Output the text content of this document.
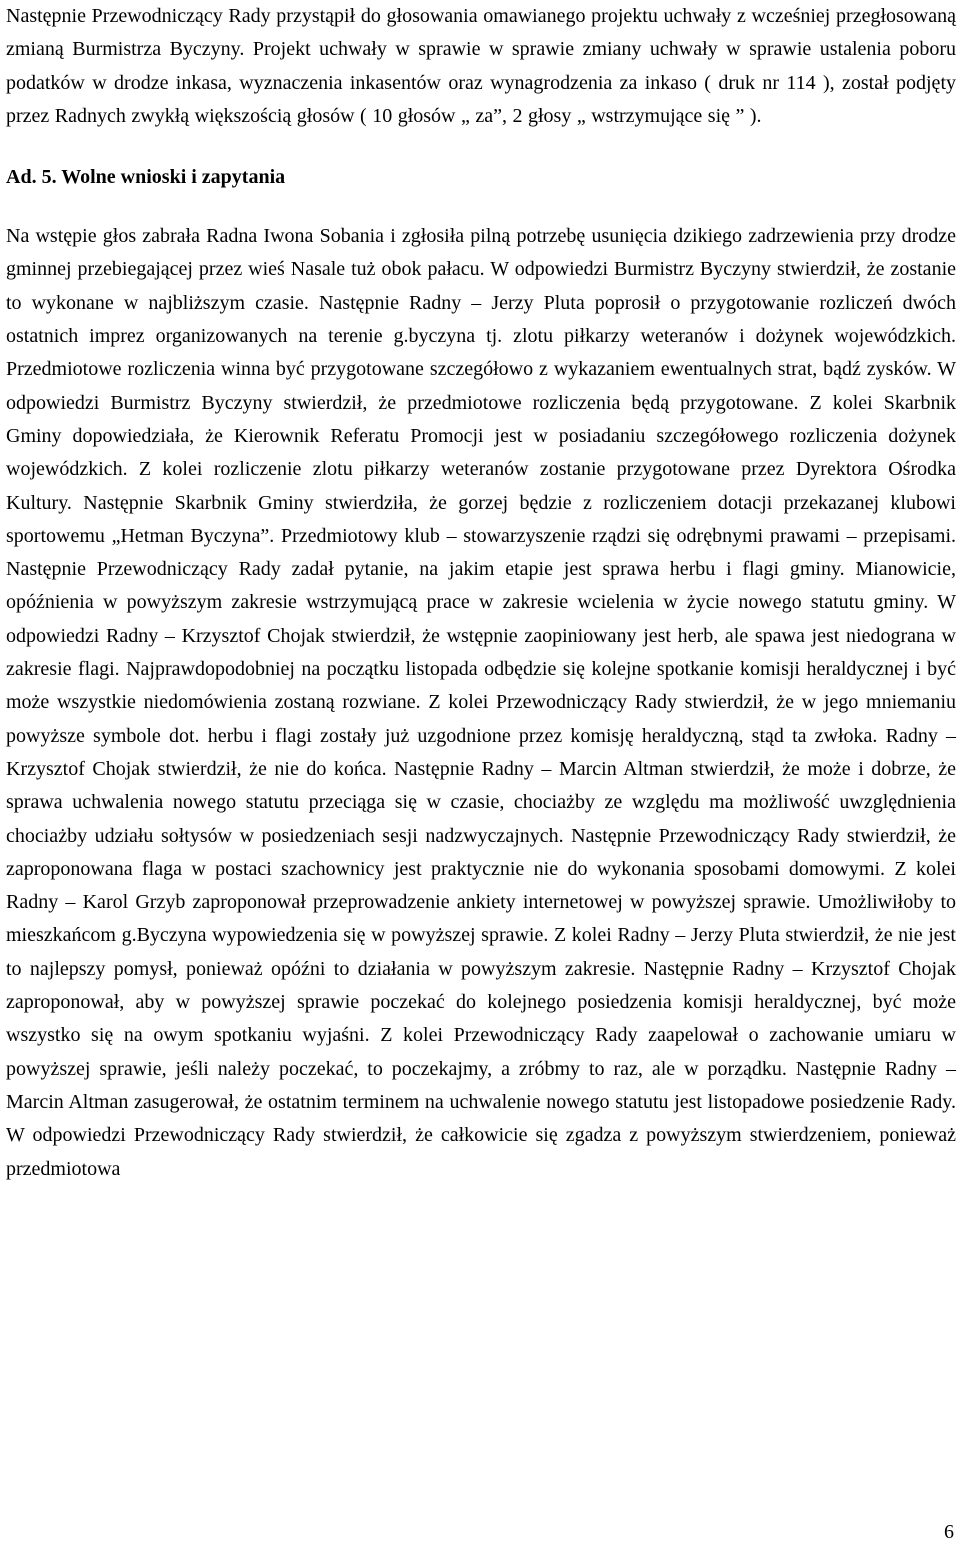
Następnie Przewodniczący Rady przystąpił do głosowania omawianego projektu uchwały z wcześniej przegłosowaną zmianą Burmistrza Byczyny. Projekt uchwały w sprawie w sprawie zmiany uchwały w sprawie ustalenia poboru podatków w drodze inkasa, wyznaczenia inkasentów oraz wynagrodzenia za inkaso ( druk nr 114 ), został podjęty przez Radnych zwykłą większością głosów ( 10 głosów „ za”, 2 głosy „ wstrzymujące się ” ).

Ad. 5. Wolne wnioski i zapytania

Na wstępie głos zabrała Radna Iwona Sobania i zgłosiła pilną potrzebę usunięcia dzikiego zadrzewienia przy drodze gminnej przebiegającej przez wieś Nasale tuż obok pałacu. W odpowiedzi Burmistrz Byczyny stwierdził, że zostanie to wykonane w najbliższym czasie. Następnie Radny – Jerzy Pluta poprosił o przygotowanie rozliczeń dwóch ostatnich imprez organizowanych na terenie g.byczyna tj. zlotu piłkarzy weteranów i dożynek wojewódzkich. Przedmiotowe rozliczenia winna być przygotowane szczegółowo z wykazaniem ewentualnych strat, bądź zysków. W odpowiedzi Burmistrz Byczyny stwierdził, że przedmiotowe rozliczenia będą przygotowane. Z kolei Skarbnik Gminy dopowiedziała, że Kierownik Referatu Promocji jest w posiadaniu szczegółowego rozliczenia dożynek wojewódzkich. Z kolei rozliczenie zlotu piłkarzy weteranów zostanie przygotowane przez Dyrektora Ośrodka Kultury. Następnie Skarbnik Gminy stwierdziła, że gorzej będzie z rozliczeniem dotacji przekazanej klubowi sportowemu „Hetman Byczyna”. Przedmiotowy klub – stowarzyszenie rządzi się odrębnymi prawami – przepisami. Następnie Przewodniczący Rady zadał pytanie, na jakim etapie jest sprawa herbu i flagi gminy. Mianowicie, opóźnienia w powyższym zakresie wstrzymującą prace w zakresie wcielenia w życie nowego statutu gminy. W odpowiedzi Radny – Krzysztof Chojak stwierdził, że wstępnie zaopiniowany jest herb, ale spawa jest niedograna w zakresie flagi. Najprawdopodobniej na początku listopada odbędzie się kolejne spotkanie komisji heraldycznej i być może wszystkie niedomówienia zostaną rozwiane. Z kolei Przewodniczący Rady stwierdził, że w jego mniemaniu powyższe symbole dot. herbu i flagi zostały już uzgodnione przez komisję heraldyczną, stąd ta zwłoka. Radny – Krzysztof Chojak stwierdził, że nie do końca. Następnie Radny – Marcin Altman stwierdził, że może i dobrze, że sprawa uchwalenia nowego statutu przeciąga się w czasie, chociażby ze względu ma możliwość uwzględnienia chociażby udziału sołtysów w posiedzeniach sesji nadzwyczajnych. Następnie Przewodniczący Rady stwierdził, że zaproponowana flaga w postaci szachownicy jest praktycznie nie do wykonania sposobami domowymi. Z kolei Radny – Karol Grzyb zaproponował przeprowadzenie ankiety internetowej w powyższej sprawie. Umożliwiłoby to mieszkańcom g.Byczyna wypowiedzenia się w powyższej sprawie. Z kolei Radny – Jerzy Pluta stwierdził, że nie jest to najlepszy pomysł, ponieważ opóźni to działania w powyższym zakresie. Następnie Radny – Krzysztof Chojak zaproponował, aby w powyższej sprawie poczekać do kolejnego posiedzenia komisji heraldycznej, być może wszystko się na owym spotkaniu wyjaśni. Z kolei Przewodniczący Rady zaapelował o zachowanie umiaru w powyższej sprawie, jeśli należy poczekać, to poczekajmy, a zróbmy to raz, ale w porządku. Następnie Radny – Marcin Altman zasugerował, że ostatnim terminem na uchwalenie nowego statutu jest listopadowe posiedzenie Rady. W odpowiedzi Przewodniczący Rady stwierdził, że całkowicie się zgadza z powyższym stwierdzeniem, ponieważ przedmiotowa

6
